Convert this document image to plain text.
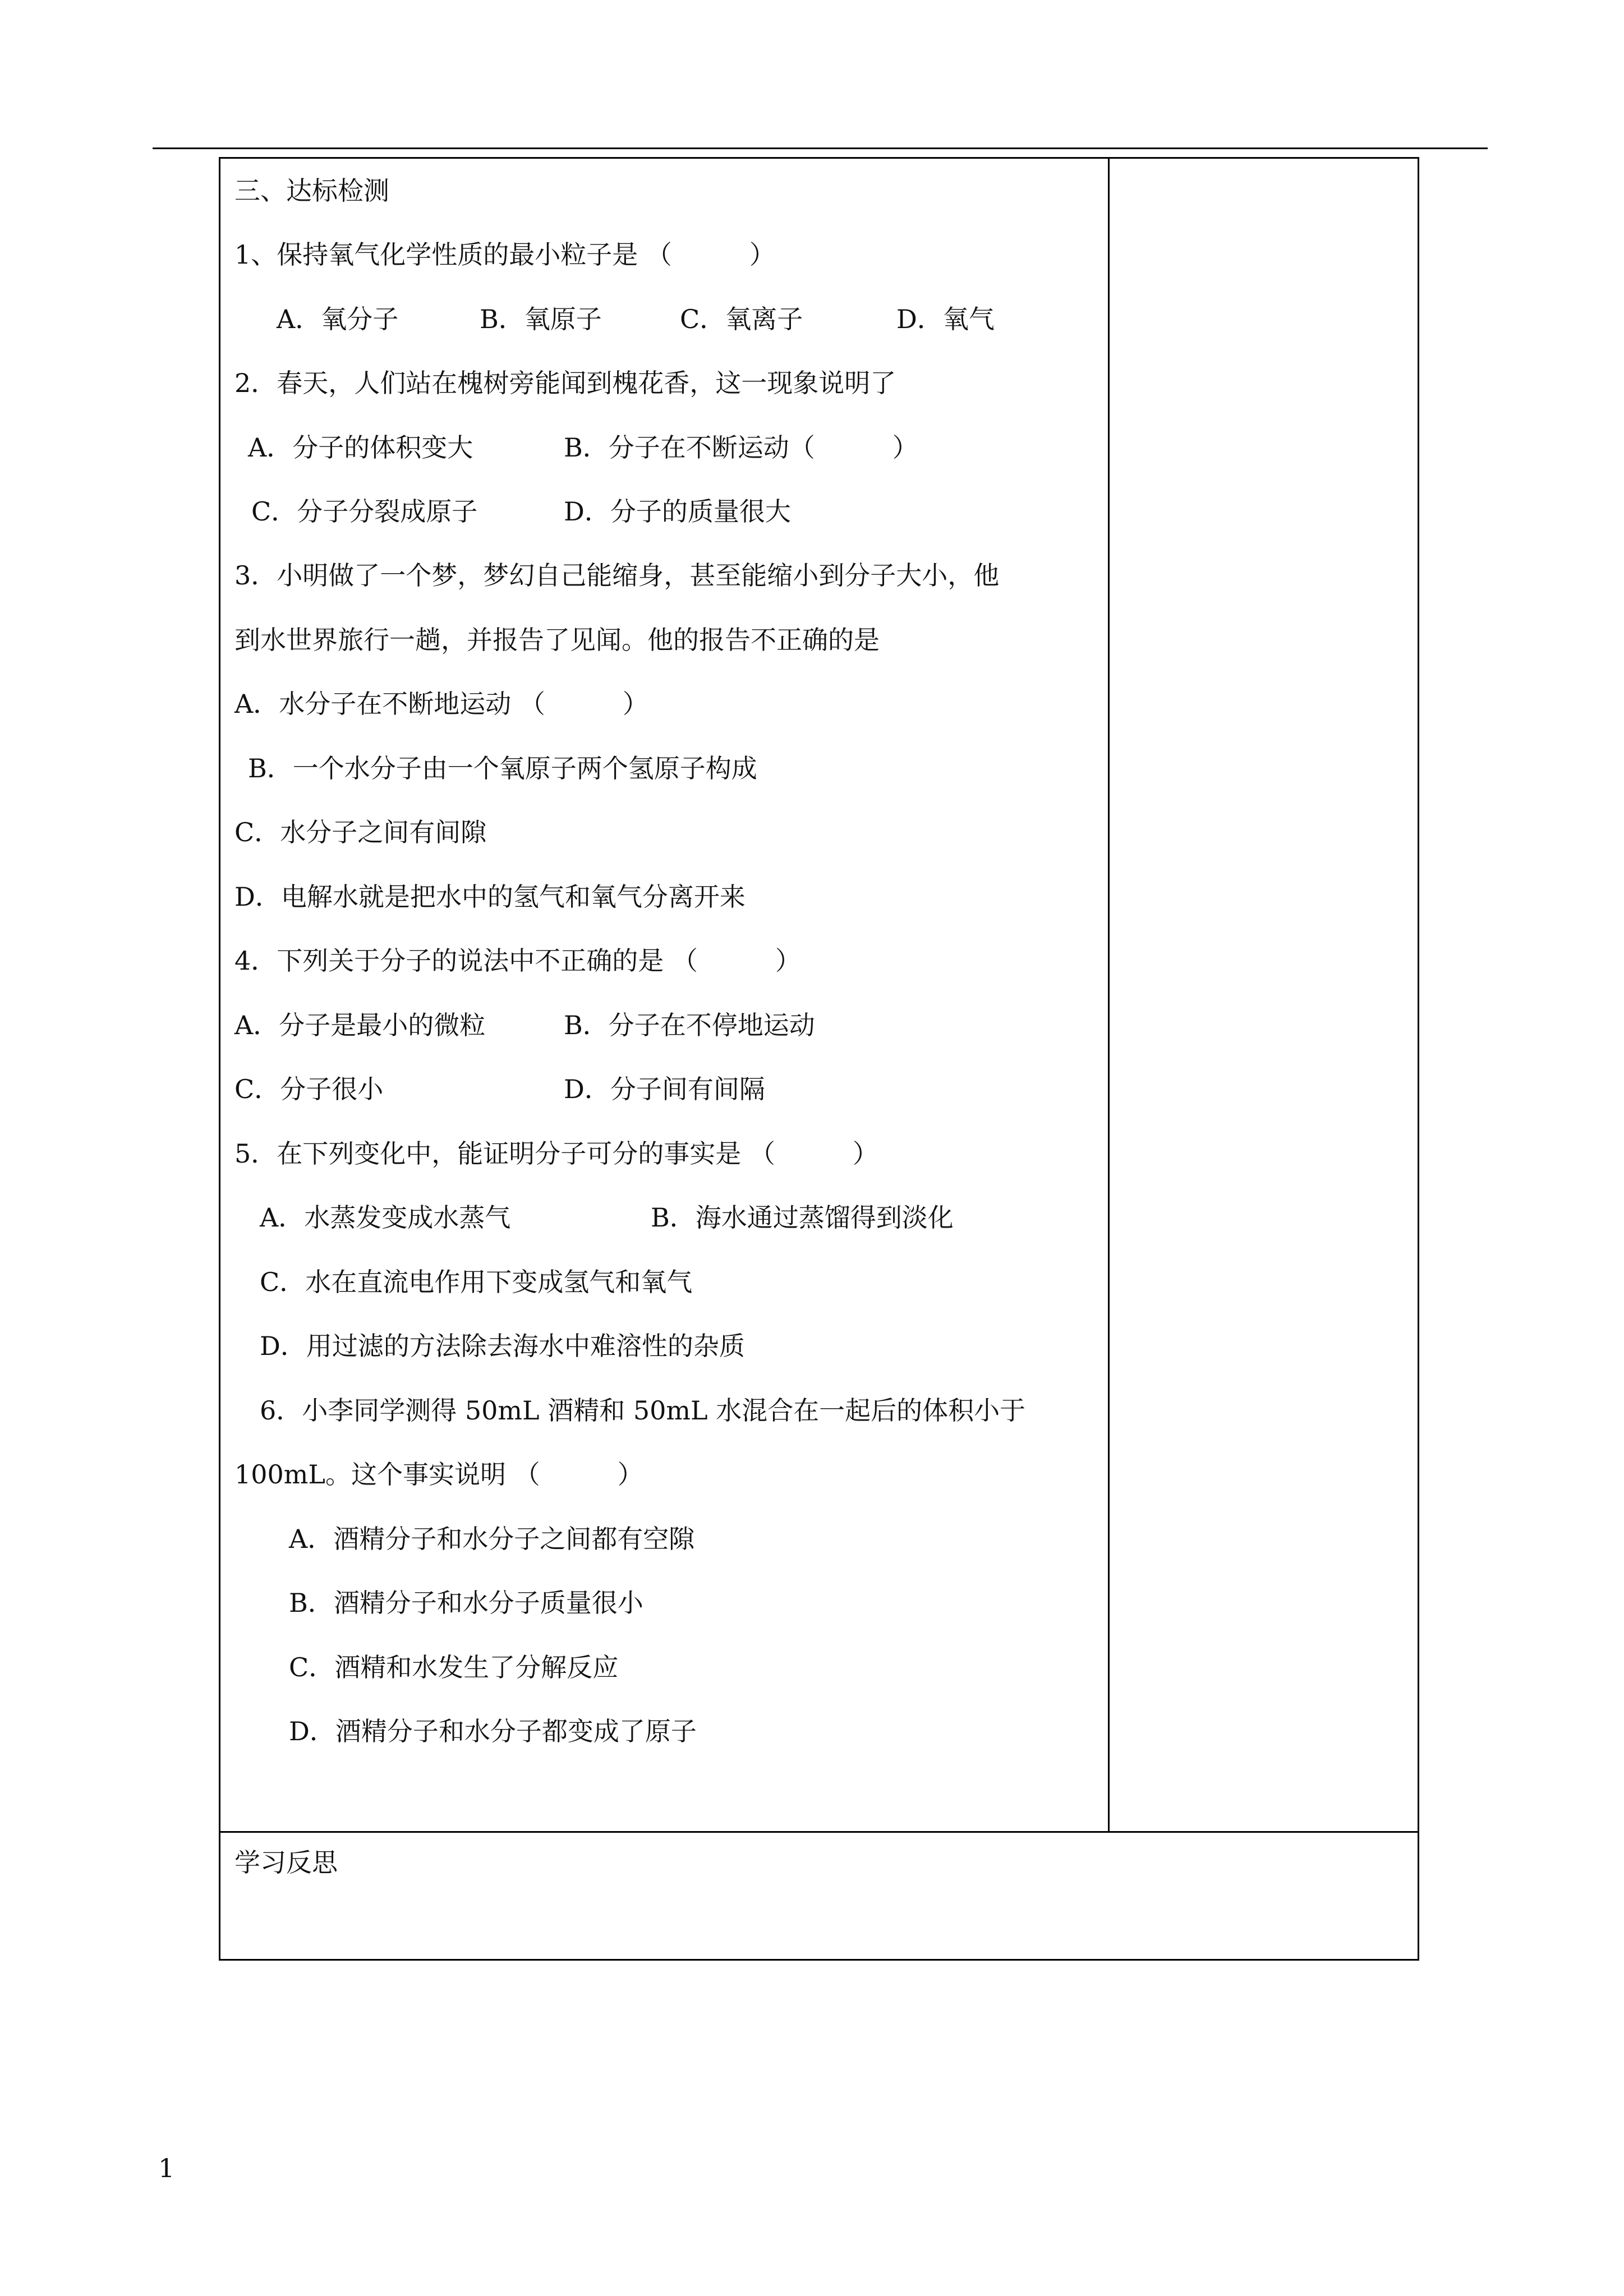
三、达标检测
1、保持氧气化学性质的最小粒子是 （　　　）
A．氧分子	B．氧原子	C．氧离子	D．氧气
2．春天，人们站在槐树旁能闻到槐花香，这一现象说明了
A．分子的体积变大	B．分子在不断运动（　　　）
C．分子分裂成原子	D．分子的质量很大
3．小明做了一个梦，梦幻自己能缩身，甚至能缩小到分子大小，他
到水世界旅行一趟，并报告了见闻。他的报告不正确的是
A．水分子在不断地运动 （　　　）
B．一个水分子由一个氧原子两个氢原子构成
C．水分子之间有间隙
D．电解水就是把水中的氢气和氧气分离开来
4．下列关于分子的说法中不正确的是 （　　　）
A．分子是最小的微粒	B．分子在不停地运动
C．分子很小	D．分子间有间隔
5．在下列变化中，能证明分子可分的事实是 （　　　）
A．水蒸发变成水蒸气	B．海水通过蒸馏得到淡化
C．水在直流电作用下变成氢气和氧气
D．用过滤的方法除去海水中难溶性的杂质
6．小李同学测得 50mL 酒精和 50mL 水混合在一起后的体积小于
100mL。这个事实说明 （　　　）
A．酒精分子和水分子之间都有空隙
B．酒精分子和水分子质量很小
C．酒精和水发生了分解反应
D．酒精分子和水分子都变成了原子
学习反思
1
